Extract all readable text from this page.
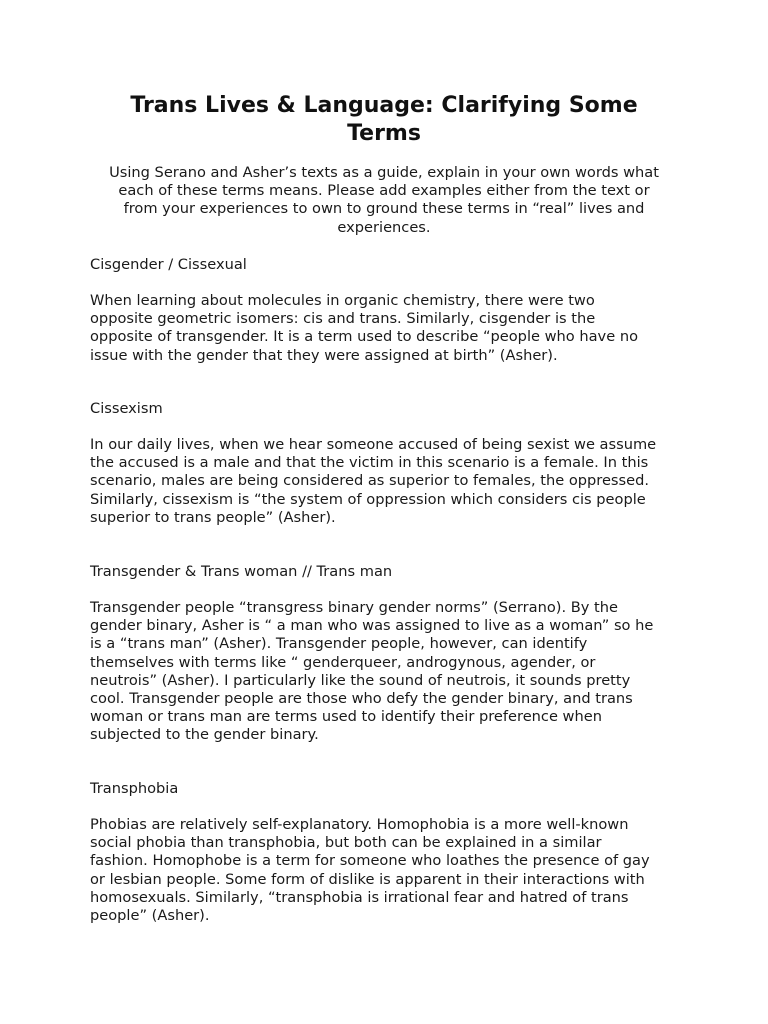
Trans Lives & Language: Clarifying Some
Terms

Using Serano and Asher’s texts as a guide, explain in your own words what
each of these terms means. Please add examples either from the text or
from your experiences to own to ground these terms in “real” lives and
experiences.

Cisgender / Cissexual

When learning about molecules in organic chemistry, there were two
opposite geometric isomers: cis and trans. Similarly, cisgender is the
opposite of transgender. It is a term used to describe “people who have no
issue with the gender that they were assigned at birth” (Asher).

Cissexism

In our daily lives, when we hear someone accused of being sexist we assume
the accused is a male and that the victim in this scenario is a female. In this
scenario, males are being considered as superior to females, the oppressed.
Similarly, cissexism is “the system of oppression which considers cis people
superior to trans people” (Asher).

Transgender & Trans woman // Trans man

Transgender people “transgress binary gender norms” (Serrano). By the
gender binary, Asher is “ a man who was assigned to live as a woman” so he
is a “trans man” (Asher). Transgender people, however, can identify
themselves with terms like “ genderqueer, androgynous, agender, or
neutrois” (Asher). I particularly like the sound of neutrois, it sounds pretty
cool. Transgender people are those who defy the gender binary, and trans
woman or trans man are terms used to identify their preference when
subjected to the gender binary.

Transphobia

Phobias are relatively self-explanatory. Homophobia is a more well-known
social phobia than transphobia, but both can be explained in a similar
fashion. Homophobe is a term for someone who loathes the presence of gay
or lesbian people. Some form of dislike is apparent in their interactions with
homosexuals. Similarly, “transphobia is irrational fear and hatred of trans
people” (Asher).
